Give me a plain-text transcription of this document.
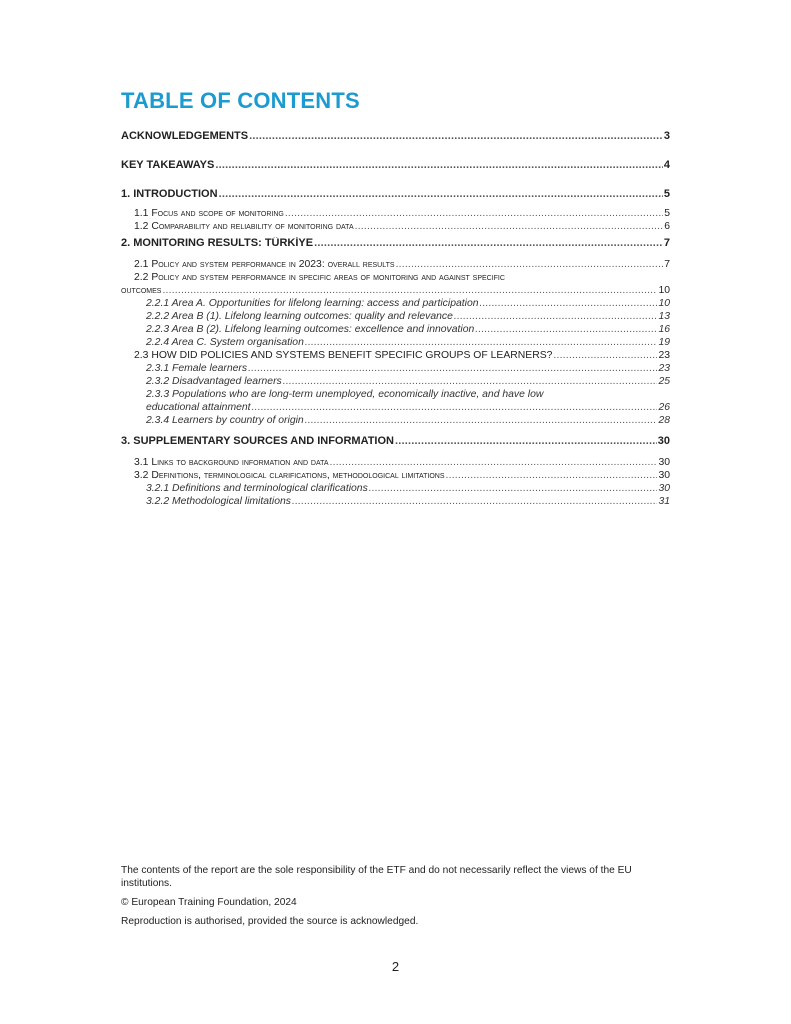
TABLE OF CONTENTS
ACKNOWLEDGEMENTS .....	3
KEY TAKEAWAYS .....	4
1. INTRODUCTION .....	5
1.1 Focus and scope of monitoring .....	5
1.2 Comparability and reliability of monitoring data .....	6
2. MONITORING RESULTS: TÜRKİYE .....	7
2.1 Policy and system performance in 2023: overall results .....	7
2.2 Policy and system performance in specific areas of monitoring and against specific
outcomes .....	10
2.2.1 Area A. Opportunities for lifelong learning: access and participation .....	10
2.2.2 Area B (1). Lifelong learning outcomes: quality and relevance .....	13
2.2.3 Area B (2). Lifelong learning outcomes: excellence and innovation .....	16
2.2.4 Area C. System organisation .....	19
2.3 HOW DID POLICIES AND SYSTEMS BENEFIT SPECIFIC GROUPS OF LEARNERS? .....	23
2.3.1 Female learners .....	23
2.3.2 Disadvantaged learners .....	25
2.3.3 Populations who are long-term unemployed, economically inactive, and have low
educational attainment .....	26
2.3.4 Learners by country of origin .....	28
3. SUPPLEMENTARY SOURCES AND INFORMATION .....	30
3.1 Links to background information and data .....	30
3.2 Definitions, terminological clarifications, methodological limitations .....	30
3.2.1 Definitions and terminological clarifications .....	30
3.2.2 Methodological limitations .....	31

The contents of the report are the sole responsibility of the ETF and do not necessarily reflect the views of the EU institutions.

© European Training Foundation, 2024

Reproduction is authorised, provided the source is acknowledged.

2
